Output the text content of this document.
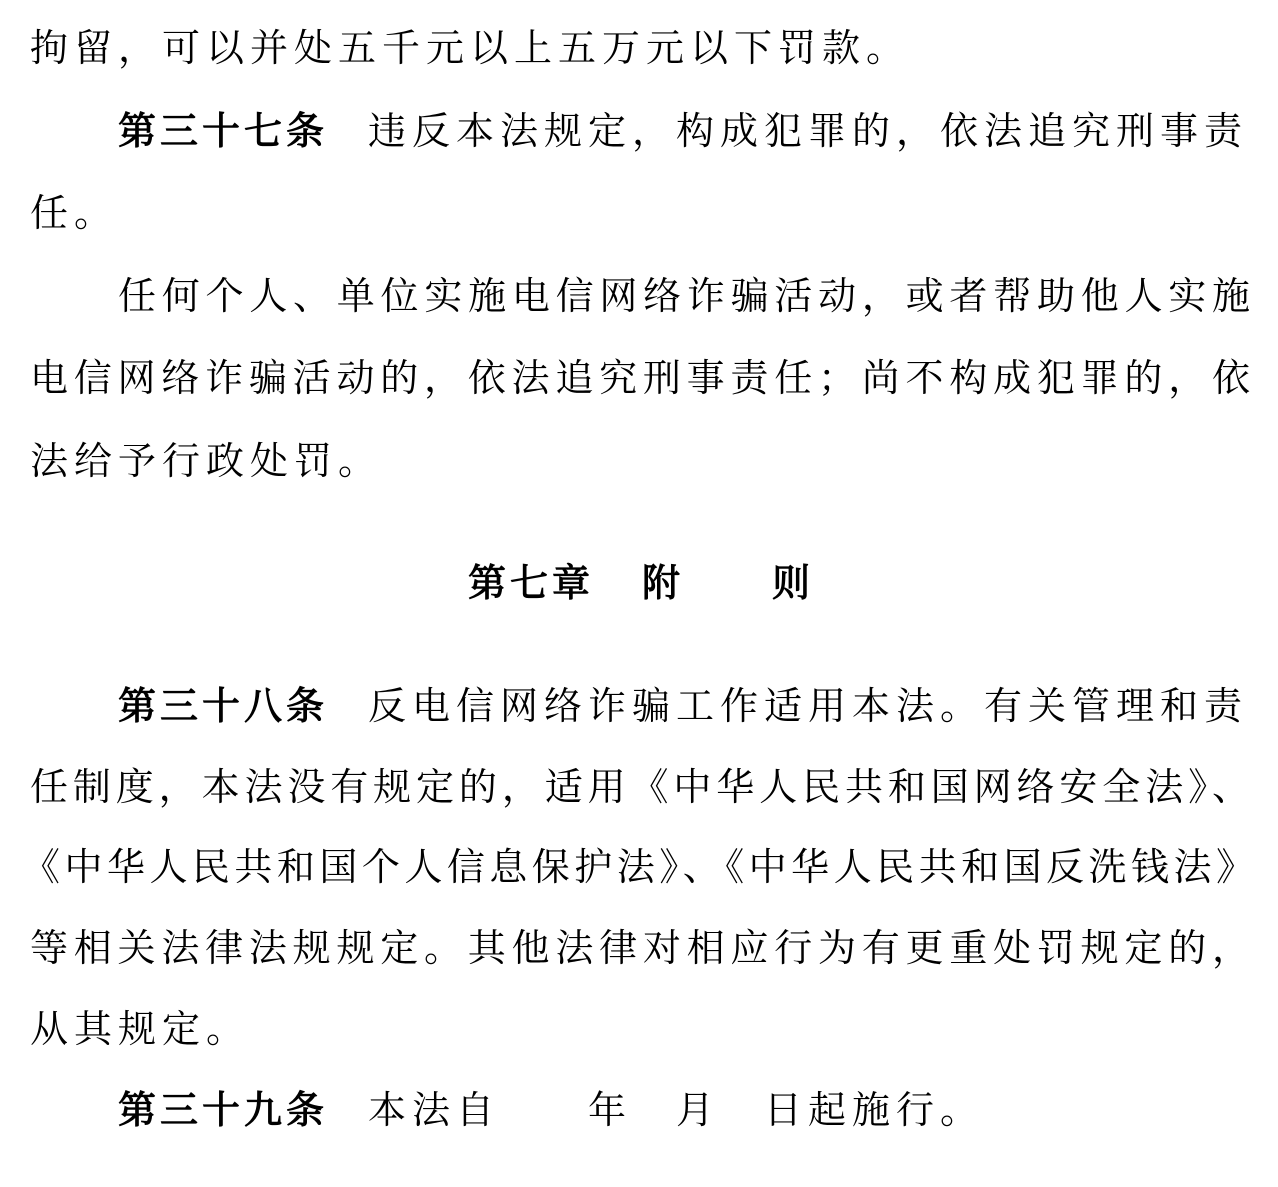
拘留，可以并处五千元以上五万元以下罚款。
第三十七条 违反本法规定，构成犯罪的，依法追究刑事责
任。
任何个人、单位实施电信网络诈骗活动，或者帮助他人实施
电信网络诈骗活动的，依法追究刑事责任；尚不构成犯罪的，依
法给予行政处罚。
第七章 附 则
第三十八条 反电信网络诈骗工作适用本法。有关管理和责
任制度，本法没有规定的，适用《中华人民共和国网络安全法》、
《中华人民共和国个人信息保护法》、《中华人民共和国反洗钱法》
等相关法律法规规定。其他法律对相应行为有更重处罚规定的，
从其规定。
第三十九条 本法自　　年　月　日起施行。
